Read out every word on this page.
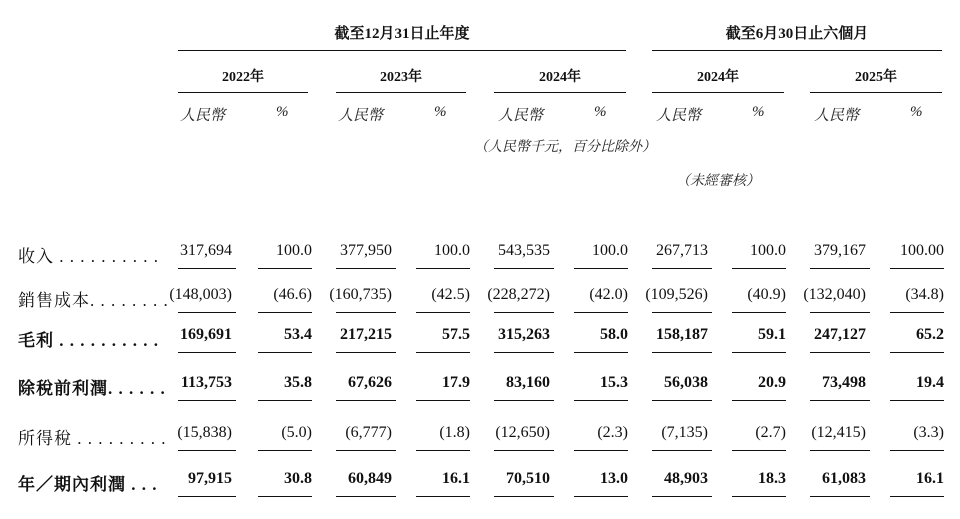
截至12月31日止年度	截至6月30日止六個月
2022年	2023年	2024年	2024年	2025年
人民幣	%	人民幣	%	人民幣	%	人民幣	%	人民幣	%
（人民幣千元，百分比除外）
（未經審核）
收入 . . . . . . . . . .	317,694	100.0	377,950	100.0	543,535	100.0	267,713	100.0	379,167	100.00
銷售成本. . . . . . . . (148,003)	(46.6)	(160,735)	(42.5)	(228,272)	(42.0)	(109,526)	(40.9)	(132,040)	(34.8)
毛利 . . . . . . . . . .	169,691	53.4	217,215	57.5	315,263	58.0	158,187	59.1	247,127	65.2
除稅前利潤. . . . . . 113,753	35.8	67,626	17.9	83,160	15.3	56,038	20.9	73,498	19.4
所得稅 . . . . . . . . . (15,838)	(5.0)	(6,777)	(1.8)	(12,650)	(2.3)	(7,135)	(2.7)	(12,415)	(3.3)
年／期內利潤 . . .	97,915	30.8	60,849	16.1	70,510	13.0	48,903	18.3	61,083	16.1
